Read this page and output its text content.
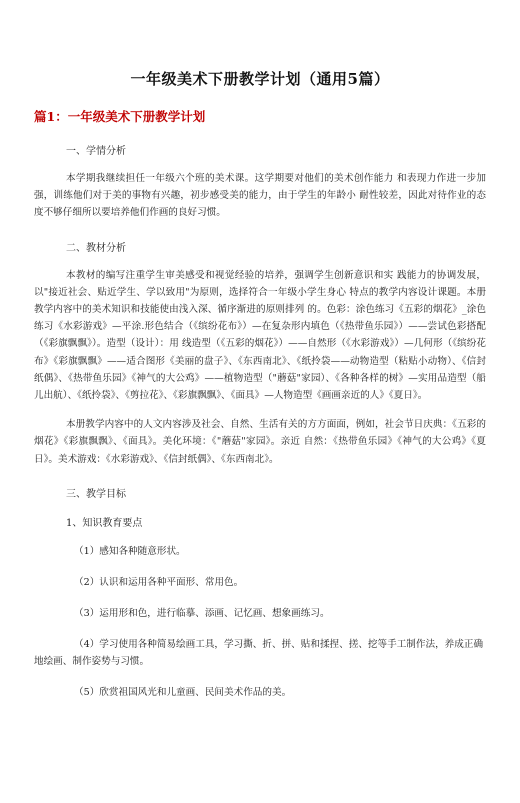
一年级美术下册教学计划（通用5篇）
篇1：一年级美术下册教学计划
一、学情分析

本学期我继续担任一年级六个班的美术课。这学期要对他们的美术创作能力 和表现力作进一步加强，训练他们对于美的事物有兴趣，初步感受美的能力，由于学生的年龄小 耐性较差，因此对待作业的态度不够仔细所以要培养他们作画的良好习惯。

二、教材分析

本教材的编写注重学生审美感受和视觉经验的培养，强调学生创新意识和实 践能力的协调发展，以"接近社会、贴近学生、学以致用"为原则，选择符合一年级小学生身心 特点的教学内容设计课题。本册教学内容中的美术知识和技能使由浅入深、循序渐进的原则排列 的。色彩：涂色练习《五彩的烟花》_涂色练习《水彩游戏》—平涂.形色结合（《缤纷花布》）—在复杂形内填色（《热带鱼乐园》）——尝试色彩搭配（《彩旗飘飘》）。造型（设计）：用 线造型（《五彩的烟花》）——自然形（《水彩游戏》）—几何形（《缤纷花布》《彩旗飘飘》——适合图形《美丽的盘子》、《东西南北》、《纸拎袋——动物造型（粘贴小动物）、《信封纸偶》、《热带鱼乐园》《神气的大公鸡》——植物造型（"蘑菇"家园）、《各种各样的树》—实用品造型（船儿出航）、《纸拎袋》、《剪拉花》、《彩旗飘飘》、《面具》—人物造型《画画亲近的人》《夏日》。

本册教学内容中的人文内容涉及社会、自然、生活有关的方方面面，例如，社会节日庆典：《五彩的烟花》《彩旗飘飘》、《面具》。美化环境：《"蘑菇"家园》。亲近 自然：《热带鱼乐园》《神气的大公鸡》《夏日》。美术游戏：《水彩游戏》、《信封纸偶》、《东西南北》。

三、教学目标
1、知识教育要点
（1）感知各种随意形状。
（2）认识和运用各种平面形、常用色。
（3）运用形和色，进行临摹、添画、记忆画、想象画练习。
（4）学习使用各种简易绘画工具，学习撕、折、拼、贴和揉捏、搓、挖等手工制作法，养成正确地绘画、制作姿势与习惯。
（5）欣赏祖国风光和儿童画、民间美术作品的美。
